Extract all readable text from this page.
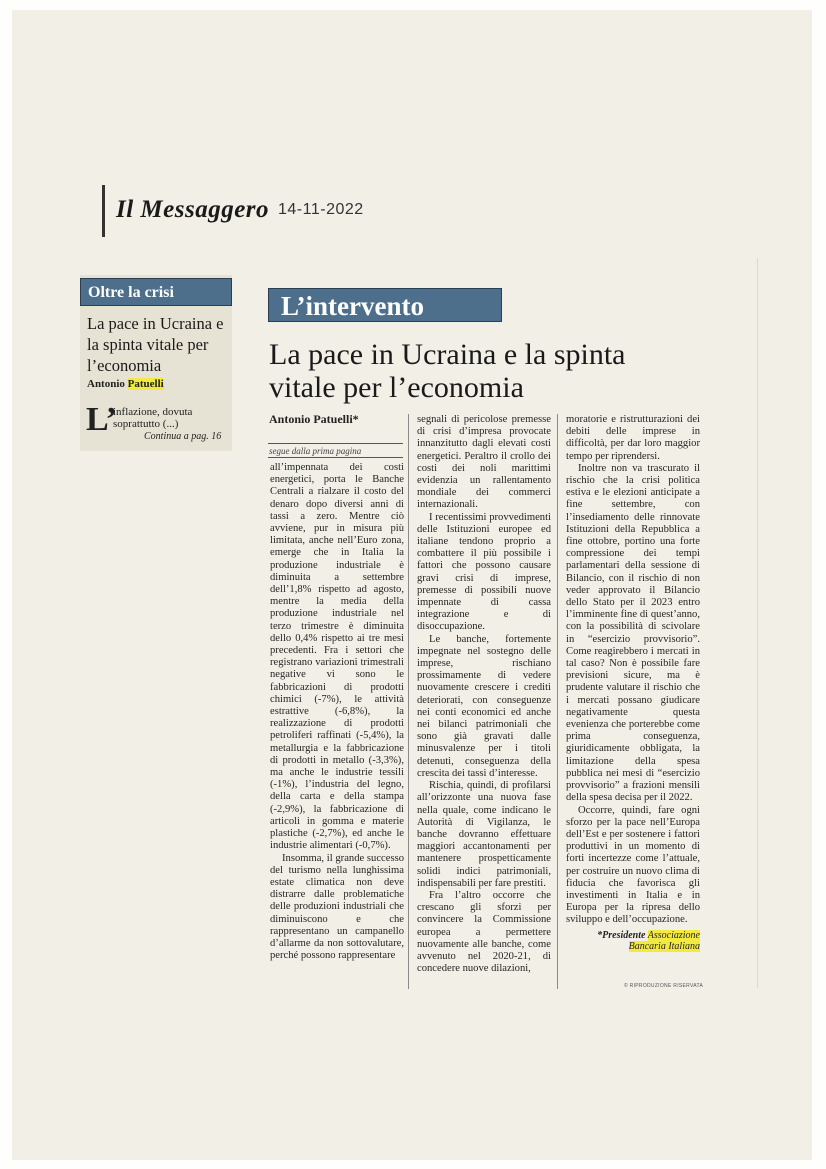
Il Messaggero 14-11-2022
Oltre la crisi
La pace in Ucraina e la spinta vitale per l’economia
Antonio Patuelli
L’
inflazione, dovuta soprattutto (...)
Continua a pag. 16
L’intervento
La pace in Ucraina e la spinta vitale per l’economia
Antonio Patuelli*
segue dalla prima pagina

all’impennata dei costi energetici, porta le Banche Centrali a rialzare il costo del denaro dopo diversi anni di tassi a zero. Mentre ciò avviene, pur in misura più limitata, anche nell’Euro zona, emerge che in Italia la produzione industriale è diminuita a settembre dell’1,8% rispetto ad agosto, mentre la media della produzione industriale nel terzo trimestre è diminuita dello 0,4% rispetto ai tre mesi precedenti. Fra i settori che registrano variazioni trimestrali negative vi sono le fabbricazioni di prodotti chimici (-7%), le attività estrattive (-6,8%), la realizzazione di prodotti petroliferi raffinati (-5,4%), la metallurgia e la fabbricazione di prodotti in metallo (-3,3%), ma anche le industrie tessili (-1%), l’industria del legno, della carta e della stampa (-2,9%), la fabbricazione di articoli in gomma e materie plastiche (-2,7%), ed anche le industrie alimentari (-0,7%).

Insomma, il grande successo del turismo nella lunghissima estate climatica non deve distrarre dalle problematiche delle produzioni industriali che diminuiscono e che rappresentano un campanello d’allarme da non sottovalutare, perché possono rappresentare

segnali di pericolose premesse di crisi d’impresa provocate innanzitutto dagli elevati costi energetici. Peraltro il crollo dei costi dei noli marittimi evidenzia un rallentamento mondiale dei commerci internazionali.

I recentissimi provvedimenti delle Istituzioni europee ed italiane tendono proprio a combattere il più possibile i fattori che possono causare gravi crisi di imprese, premesse di possibili nuove impennate di cassa integrazione e di disoccupazione.

Le banche, fortemente impegnate nel sostegno delle imprese, rischiano prossimamente di vedere nuovamente crescere i crediti deteriorati, con conseguenze nei conti economici ed anche nei bilanci patrimoniali che sono già gravati dalle minusvalenze per i titoli detenuti, conseguenza della crescita dei tassi d’interesse.

Rischia, quindi, di profilarsi all’orizzonte una nuova fase nella quale, come indicano le Autorità di Vigilanza, le banche dovranno effettuare maggiori accantonamenti per mantenere prospetticamente solidi indici patrimoniali, indispensabili per fare prestiti.

Fra l’altro occorre che crescano gli sforzi per convincere la Commissione europea a permettere nuovamente alle banche, come avvenuto nel 2020-21, di concedere nuove dilazioni,

moratorie e ristrutturazioni dei debiti delle imprese in difficoltà, per dar loro maggior tempo per riprendersi.

Inoltre non va trascurato il rischio che la crisi politica estiva e le elezioni anticipate a fine settembre, con l’insediamento delle rinnovate Istituzioni della Repubblica a fine ottobre, portino una forte compressione dei tempi parlamentari della sessione di Bilancio, con il rischio di non veder approvato il Bilancio dello Stato per il 2023 entro l’imminente fine di quest’anno, con la possibilità di scivolare in “esercizio provvisorio”. Come reagirebbero i mercati in tal caso? Non è possibile fare previsioni sicure, ma è prudente valutare il rischio che i mercati possano giudicare negativamente questa evenienza che porterebbe come prima conseguenza, giuridicamente obbligata, la limitazione della spesa pubblica nei mesi di “esercizio provvisorio” a frazioni mensili della spesa decisa per il 2022.

Occorre, quindi, fare ogni sforzo per la pace nell’Europa dell’Est e per sostenere i fattori produttivi in un momento di forti incertezze come l’attuale, per costruire un nuovo clima di fiducia che favorisca gli investimenti in Italia e in Europa per la ripresa dello sviluppo e dell’occupazione.

*Presidente Associazione
Bancaria Italiana
© RIPRODUZIONE RISERVATA
